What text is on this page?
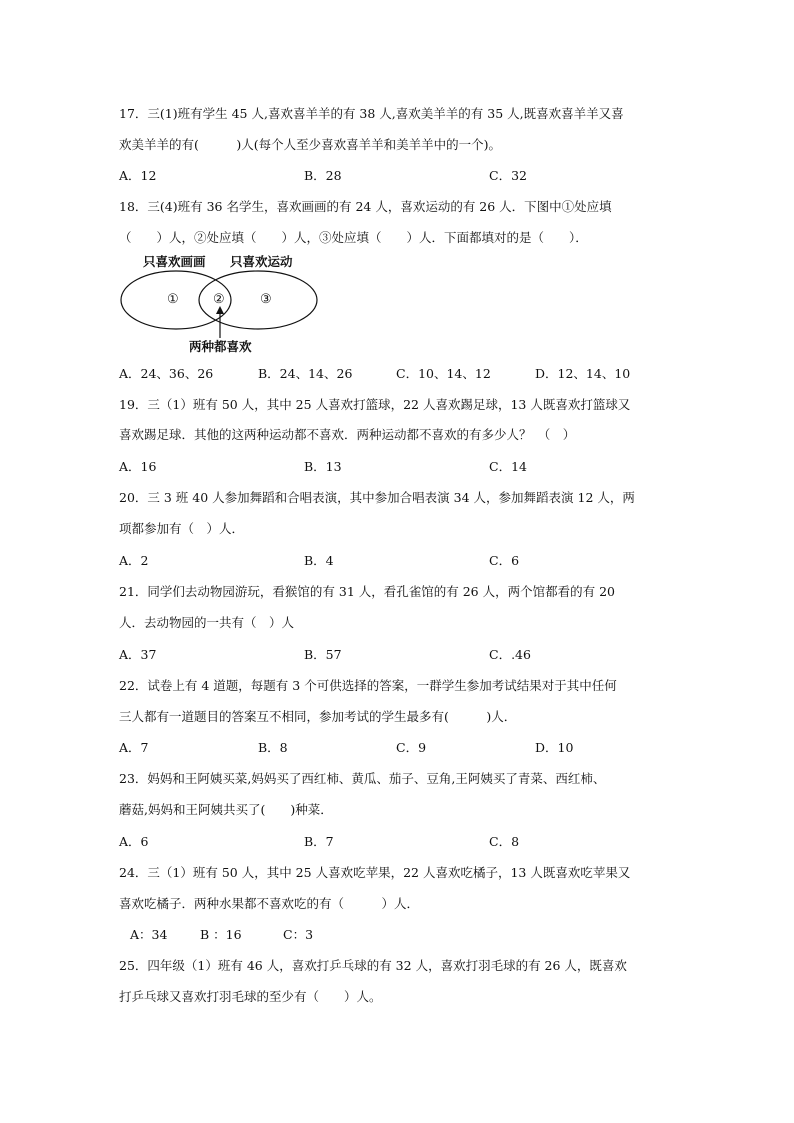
17．三(1)班有学生 45 人,喜欢喜羊羊的有 38 人,喜欢美羊羊的有 35 人,既喜欢喜羊羊又喜
欢美羊羊的有(　　　)人(每个人至少喜欢喜羊羊和美羊羊中的一个)。
A．12	B．28	C．32
18．三(4)班有 36 名学生，喜欢画画的有 24 人，喜欢运动的有 26 人．下图中①处应填
（　　）人，②处应填（　　）人，③处应填（　　）人．下面都填对的是（　　）．
只喜欢画画 只喜欢运动
①	②	③
两种都喜欢
A．24、36、26	B．24、14、26	C．10、14、12	D．12、14、10
19．三（1）班有 50 人，其中 25 人喜欢打篮球，22 人喜欢踢足球，13 人既喜欢打篮球又
喜欢踢足球．其他的这两种运动都不喜欢．两种运动都不喜欢的有多少人？　（　）
A．16	B．13	C．14
20．三 3 班 40 人参加舞蹈和合唱表演，其中参加合唱表演 34 人，参加舞蹈表演 12 人，两
项都参加有（　）人．
A．2	B．4	C．6
21．同学们去动物园游玩，看猴馆的有 31 人，看孔雀馆的有 26 人，两个馆都看的有 20
人．去动物园的一共有（　）人
A．37	B．57	C．.46
22．试卷上有 4 道题，每题有 3 个可供选择的答案，一群学生参加考试结果对于其中任何
三人都有一道题目的答案互不相同，参加考试的学生最多有(　　　)人．
A．7	B．8	C．9	D．10
23．妈妈和王阿姨买菜,妈妈买了西红柿、黄瓜、茄子、豆角,王阿姨买了青菜、西红柿、
蘑菇,妈妈和王阿姨共买了(　　)种菜．
A．6	B．7	C．8
24．三（1）班有 50 人，其中 25 人喜欢吃苹果，22 人喜欢吃橘子，13 人既喜欢吃苹果又
喜欢吃橘子．两种水果都不喜欢吃的有（　　　）人．
A：34	B ：16	C：3
25．四年级（1）班有 46 人，喜欢打乒乓球的有 32 人，喜欢打羽毛球的有 26 人，既喜欢
打乒乓球又喜欢打羽毛球的至少有（　　）人。
